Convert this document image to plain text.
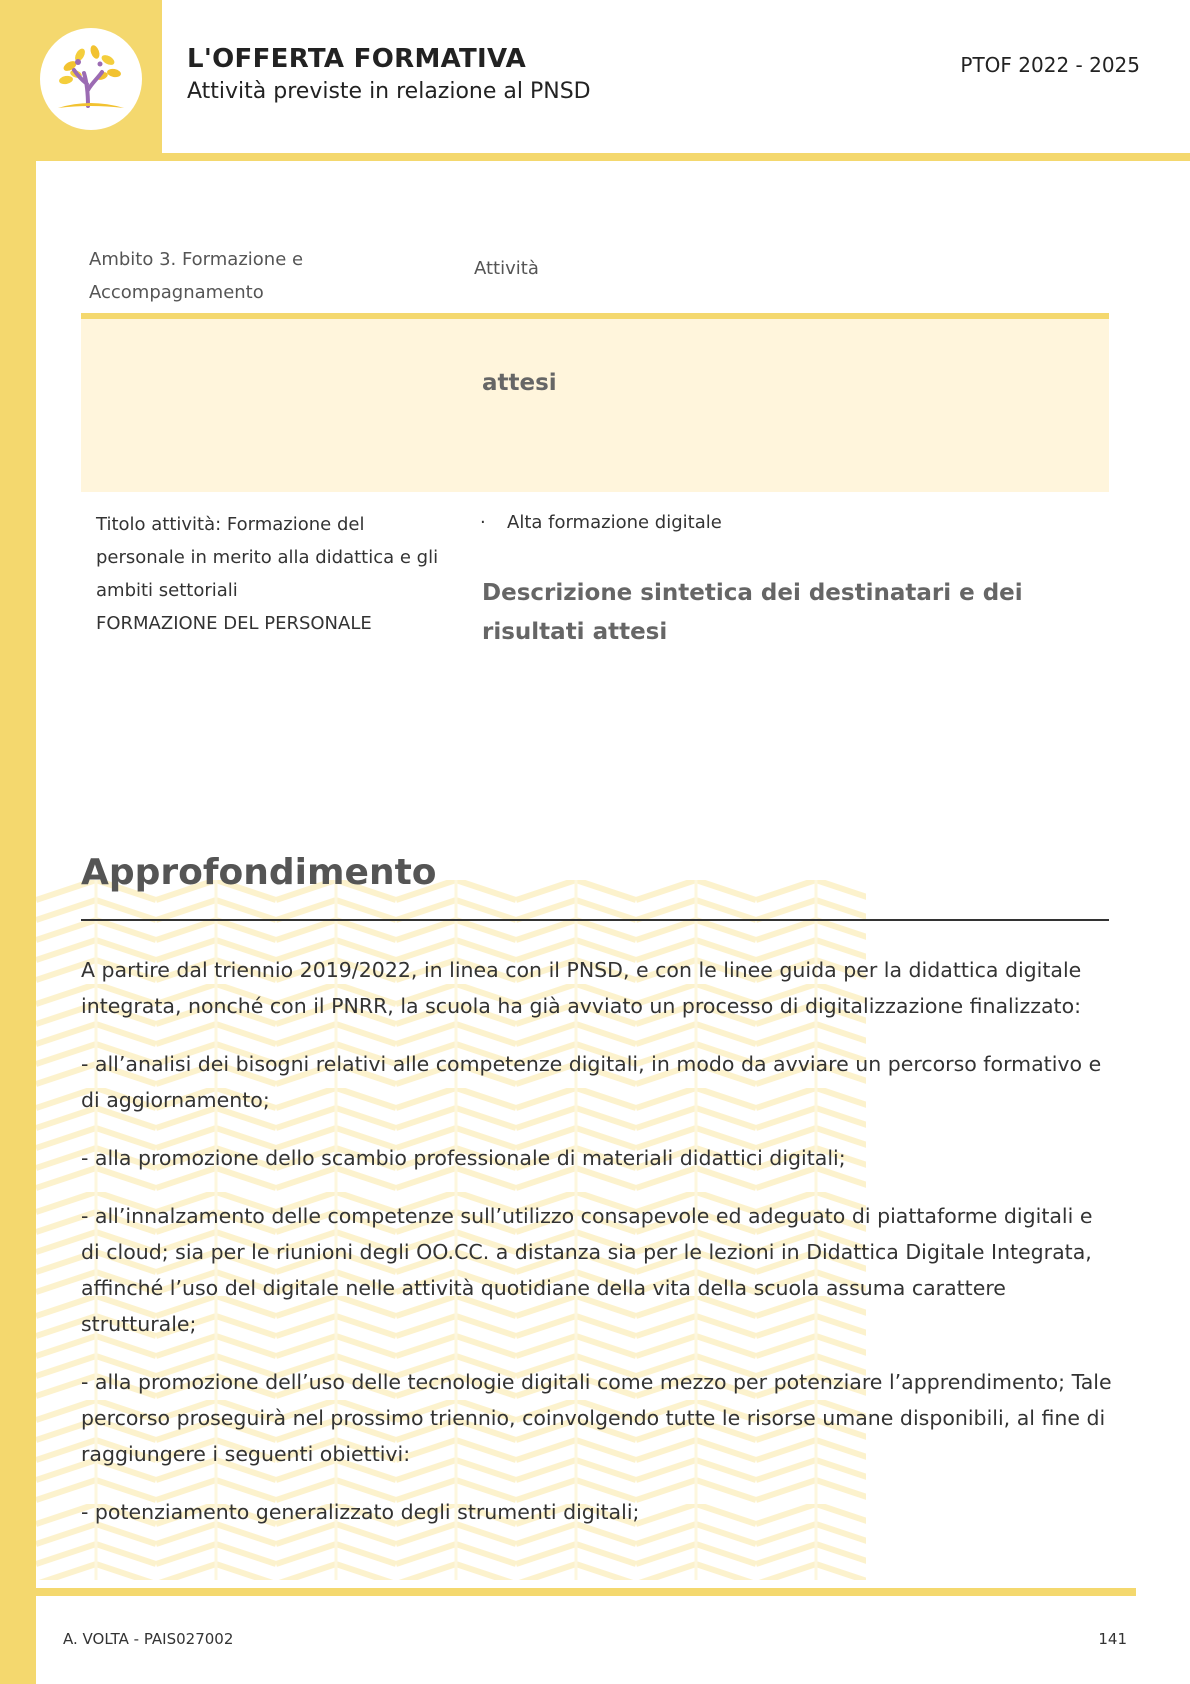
L'OFFERTA FORMATIVA
Attività previste in relazione al PNSD
PTOF 2022 - 2025
Ambito 3. Formazione e Accompagnamento
Attività
attesi
Titolo attività: Formazione del
personale in merito alla didattica e gli
ambiti settoriali
FORMAZIONE DEL PERSONALE
· Alta formazione digitale
Descrizione sintetica dei destinatari e dei risultati attesi
Approfondimento

A partire dal triennio 2019/2022, in linea con il PNSD, e con le linee guida per la didattica digitale integrata, nonché con il PNRR, la scuola ha già avviato un processo di digitalizzazione finalizzato:

- all’analisi dei bisogni relativi alle competenze digitali, in modo da avviare un percorso formativo e di aggiornamento;

- alla promozione dello scambio professionale di materiali didattici digitali;

- all’innalzamento delle competenze sull’utilizzo consapevole ed adeguato di piattaforme digitali e di cloud; sia per le riunioni degli OO.CC. a distanza sia per le lezioni in Didattica Digitale Integrata, affinché l’uso del digitale nelle attività quotidiane della vita della scuola assuma carattere strutturale;

- alla promozione dell’uso delle tecnologie digitali come mezzo per potenziare l’apprendimento; Tale percorso proseguirà nel prossimo triennio, coinvolgendo tutte le risorse umane disponibili, al fine di raggiungere i seguenti obiettivi:

- potenziamento generalizzato degli strumenti digitali;

A. VOLTA - PAIS027002	141
